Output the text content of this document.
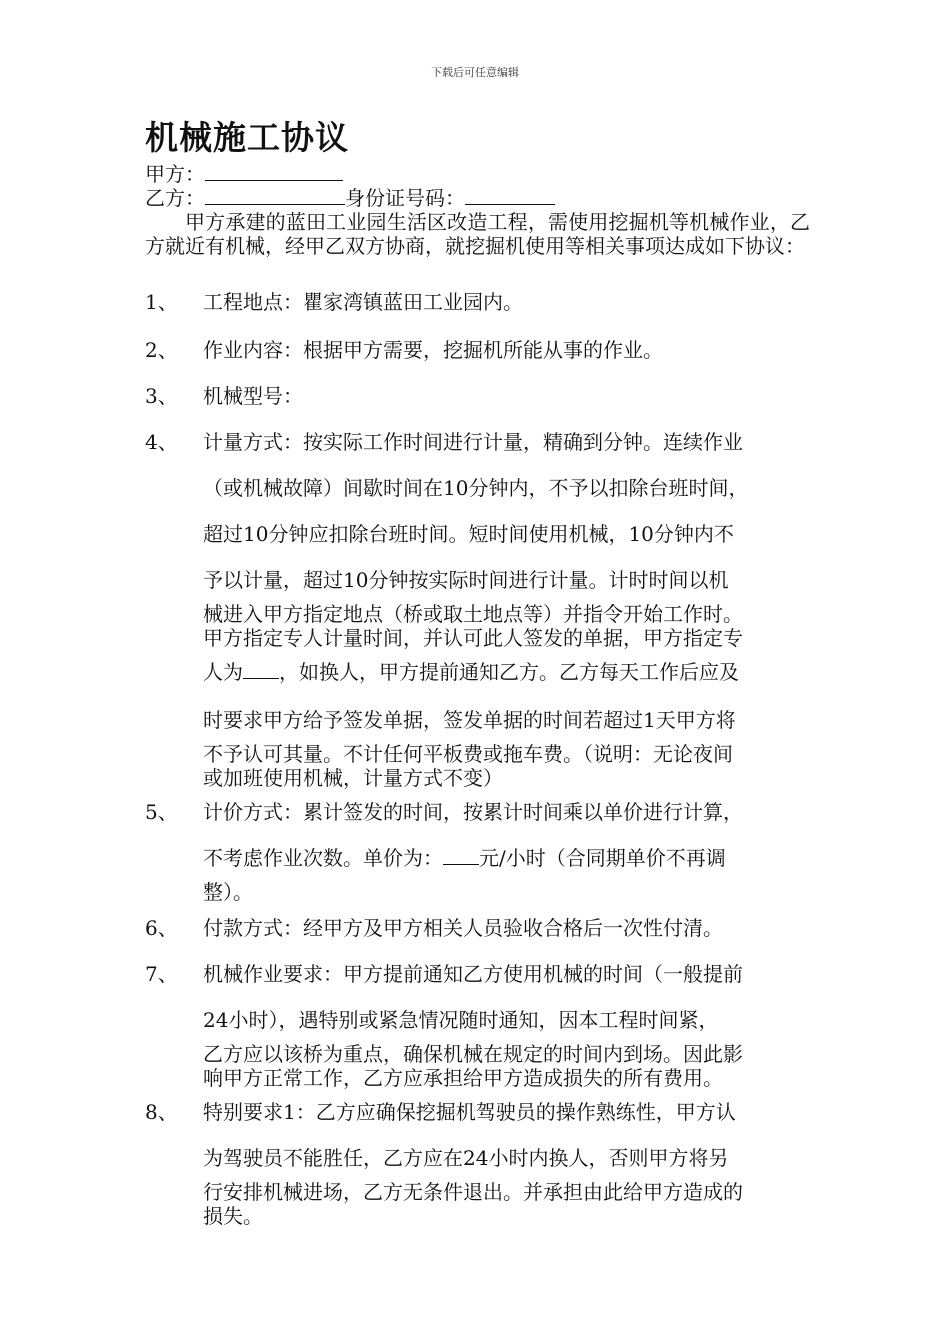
下载后可任意编辑
机械施工协议
甲方：
乙方：	身份证号码：
甲方承建的蓝田工业园生活区改造工程，需使用挖掘机等机械作业，乙方就近有机械，经甲乙双方协商，就挖掘机使用等相关事项达成如下协议：
1、 工程地点：瞿家湾镇蓝田工业园内。
2、 作业内容：根据甲方需要，挖掘机所能从事的作业。
3、 机械型号：
4、 计量方式：按实际工作时间进行计量，精确到分钟。连续作业
（或机械故障）间歇时间在10分钟内，不予以扣除台班时间，
超过10分钟应扣除台班时间。短时间使用机械，10分钟内不
予以计量，超过10分钟按实际时间进行计量。计时时间以机
械进入甲方指定地点（桥或取土地点等）并指令开始工作时。
甲方指定专人计量时间，并认可此人签发的单据，甲方指定专
人为 ，如换人，甲方提前通知乙方。乙方每天工作后应及
时要求甲方给予签发单据，签发单据的时间若超过1天甲方将
不予认可其量。不计任何平板费或拖车费。（说明：无论夜间
或加班使用机械，计量方式不变）
5、 计价方式：累计签发的时间，按累计时间乘以单价进行计算，
不考虑作业次数。单价为： 元/小时（合同期单价不再调
整）。
6、 付款方式：经甲方及甲方相关人员验收合格后一次性付清。
7、 机械作业要求：甲方提前通知乙方使用机械的时间（一般提前
24小时），遇特别或紧急情况随时通知，因本工程时间紧，
乙方应以该桥为重点，确保机械在规定的时间内到场。因此影
响甲方正常工作，乙方应承担给甲方造成损失的所有费用。
8、 特别要求1：乙方应确保挖掘机驾驶员的操作熟练性，甲方认
为驾驶员不能胜任，乙方应在24小时内换人，否则甲方将另
行安排机械进场，乙方无条件退出。并承担由此给甲方造成的
损失。
